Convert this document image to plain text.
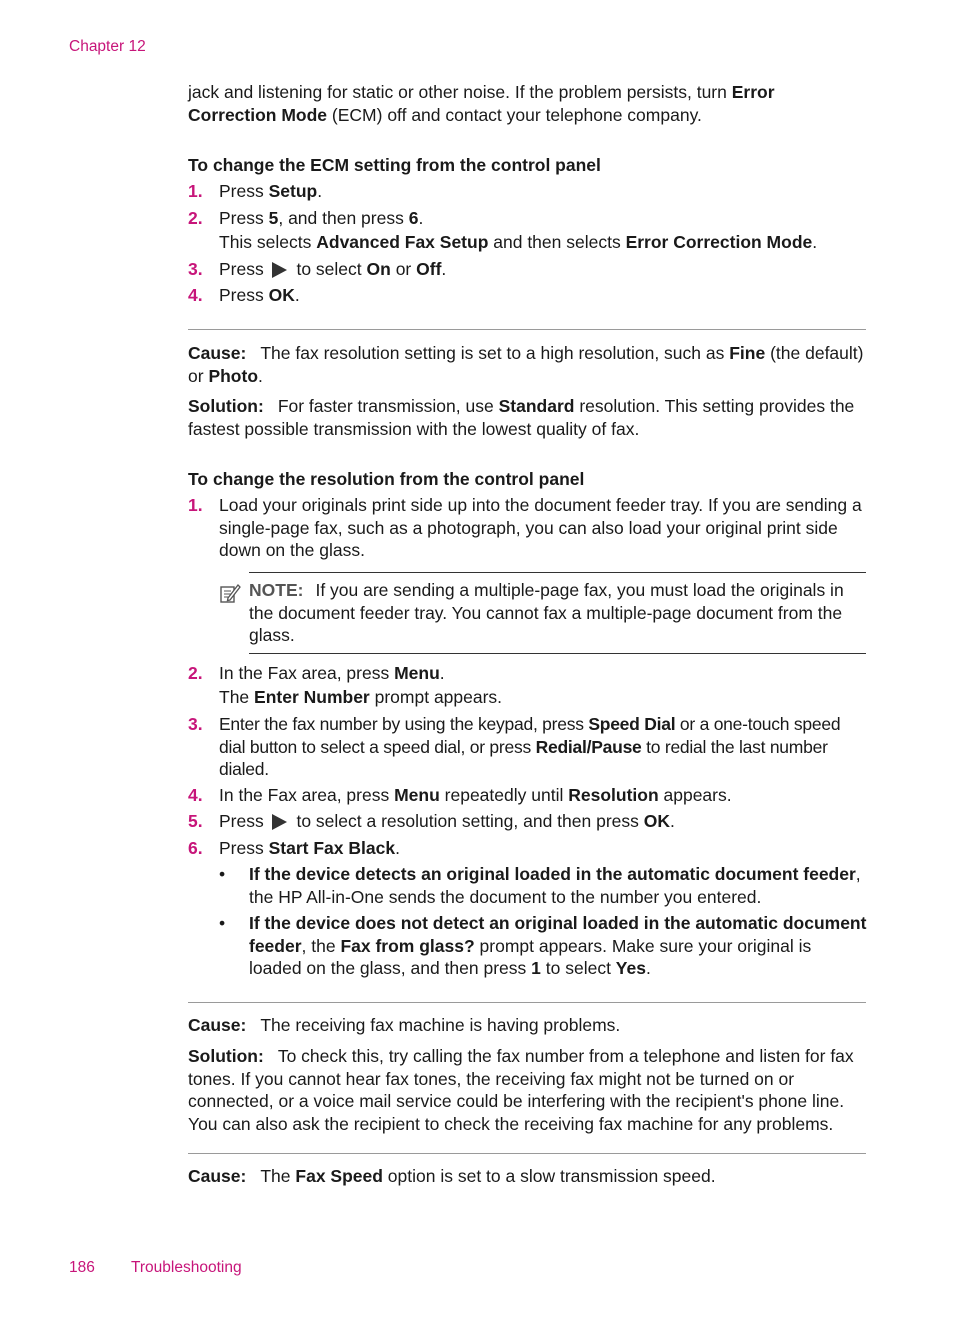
Chapter 12
jack and listening for static or other noise. If the problem persists, turn Error Correction Mode (ECM) off and contact your telephone company.
To change the ECM setting from the control panel
1. Press Setup.
2. Press 5, and then press 6.
This selects Advanced Fax Setup and then selects Error Correction Mode.
3. Press  to select On or Off.
4. Press OK.
Cause: The fax resolution setting is set to a high resolution, such as Fine (the default) or Photo.
Solution: For faster transmission, use Standard resolution. This setting provides the fastest possible transmission with the lowest quality of fax.
To change the resolution from the control panel
1. Load your originals print side up into the document feeder tray. If you are sending a single-page fax, such as a photograph, you can also load your original print side down on the glass.
NOTE: If you are sending a multiple-page fax, you must load the originals in the document feeder tray. You cannot fax a multiple-page document from the glass.
2. In the Fax area, press Menu.
The Enter Number prompt appears.
3. Enter the fax number by using the keypad, press Speed Dial or a one-touch speed dial button to select a speed dial, or press Redial/Pause to redial the last number dialed.
4. In the Fax area, press Menu repeatedly until Resolution appears.
5. Press  to select a resolution setting, and then press OK.
6. Press Start Fax Black.
• If the device detects an original loaded in the automatic document feeder, the HP All-in-One sends the document to the number you entered.
• If the device does not detect an original loaded in the automatic document feeder, the Fax from glass? prompt appears. Make sure your original is loaded on the glass, and then press 1 to select Yes.
Cause: The receiving fax machine is having problems.
Solution: To check this, try calling the fax number from a telephone and listen for fax tones. If you cannot hear fax tones, the receiving fax might not be turned on or connected, or a voice mail service could be interfering with the recipient's phone line. You can also ask the recipient to check the receiving fax machine for any problems.
Cause: The Fax Speed option is set to a slow transmission speed.
186 Troubleshooting
